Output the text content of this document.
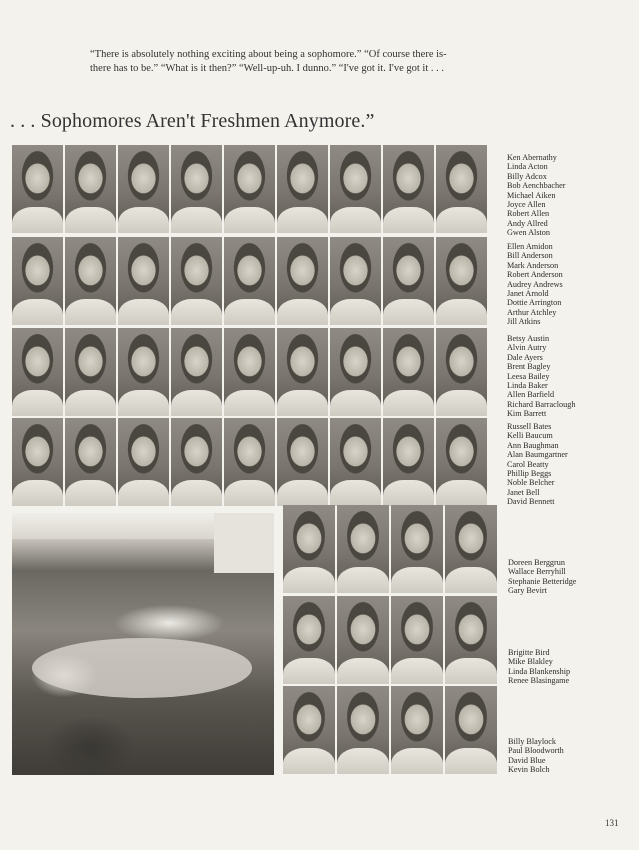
“There is absolutely nothing exciting about being a sophomore.” “Of course there is-there has to be.” “What is it then?” “Well-up-uh. I dunno.” “I've got it. I've got it . . .
. . . Sophomores Aren't Freshmen Anymore.”
Ken Abernathy
Linda Acton
Billy Adcox
Bob Aenchbacher
Michael Aiken
Joyce Allen
Robert Allen
Andy Allred
Gwen Alston
Ellen Amidon
Bill Anderson
Mark Anderson
Robert Anderson
Audrey Andrews
Janet Arnold
Dottie Arrington
Arthur Atchley
Jill Atkins
Betsy Austin
Alvin Autry
Dale Ayers
Brent Bagley
Leesa Bailey
Linda Baker
Allen Barfield
Richard Barraclough
Kim Barrett
Russell Bates
Kelli Baucum
Ann Baughman
Alan Baumgartner
Carol Beatty
Phillip Beggs
Noble Belcher
Janet Bell
David Bennett
Doreen Berggrun
Wallace Berryhill
Stephanie Betteridge
Gary Bevirt
Brigitte Bird
Mike Blakley
Linda Blankenship
Renee Blasingame
Billy Blaylock
Paul Bloodworth
David Blue
Kevin Bolch
131
